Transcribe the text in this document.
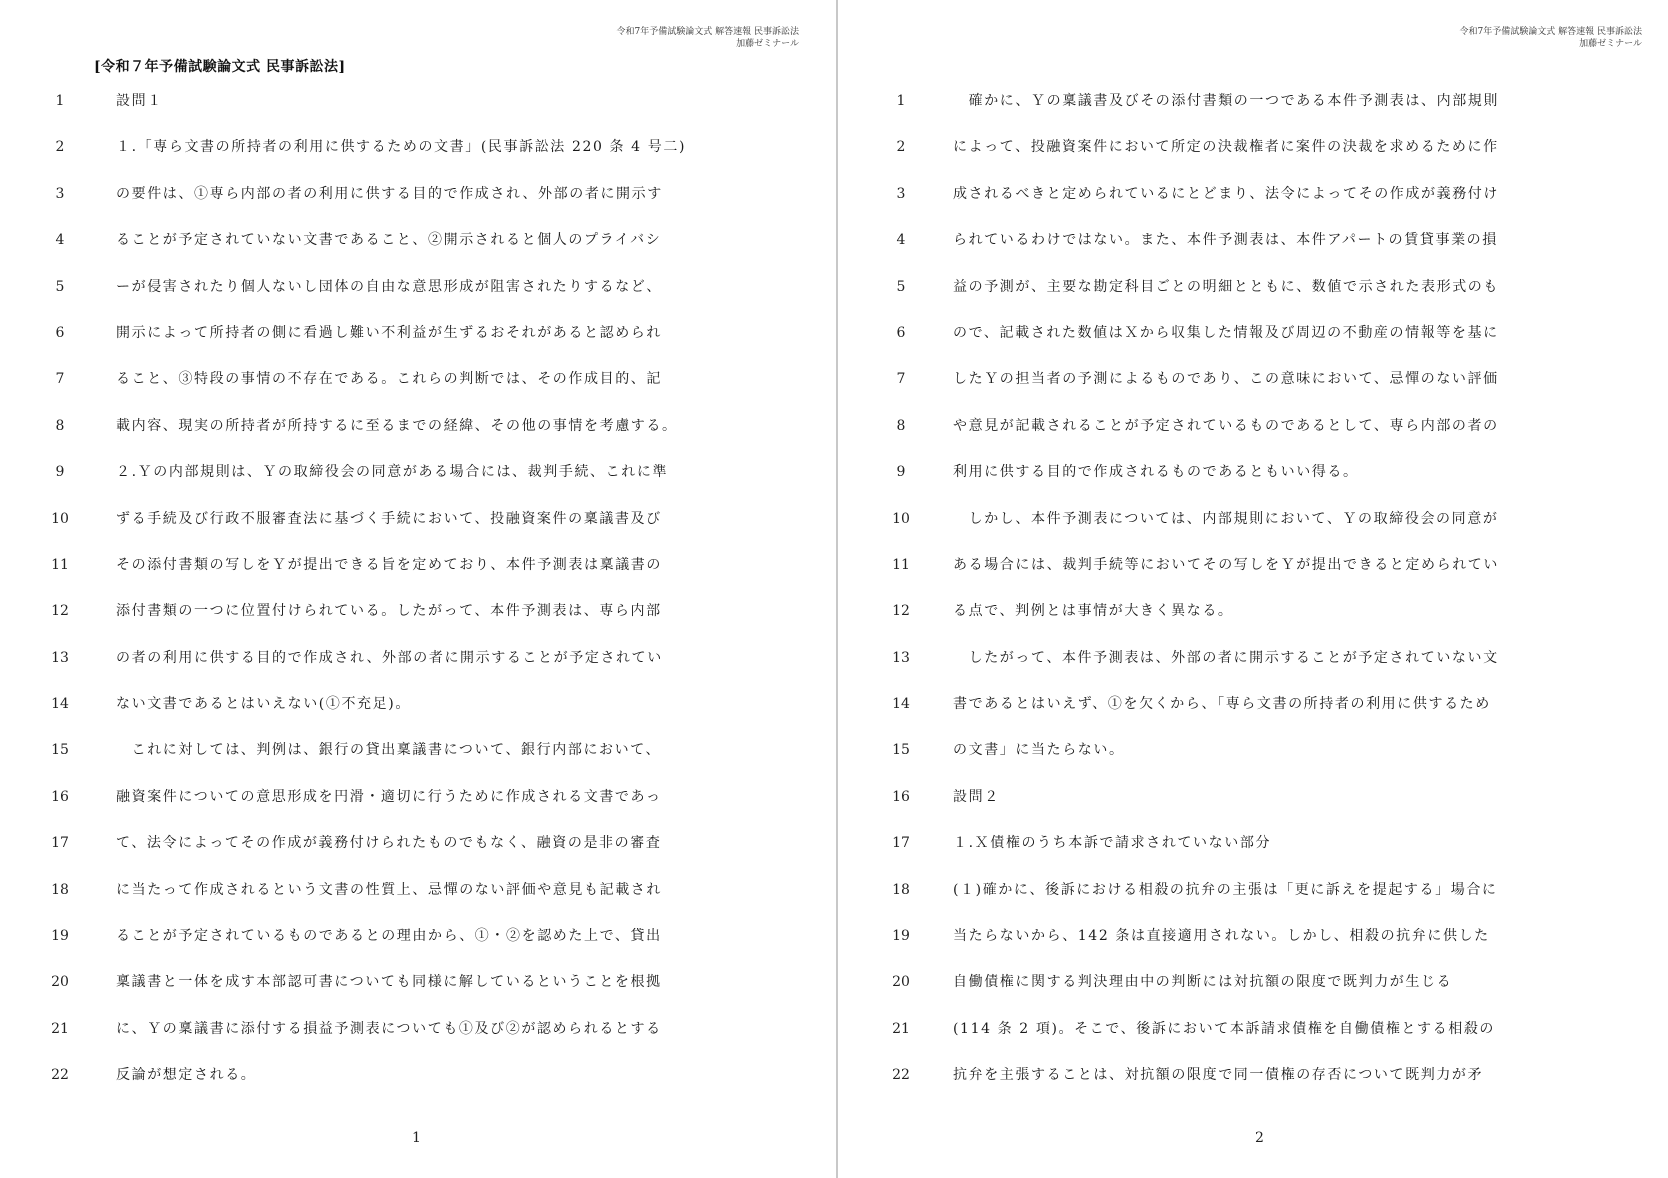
令和7年予備試験論文式 解答速報 民事訴訟法
加藤ゼミナール
[令和７年予備試験論文式 民事訴訟法]
1	設問１
2	１.「専ら文書の所持者の利用に供するための文書」(民事訴訟法 220 条 4 号二)
3	の要件は、①専ら内部の者の利用に供する目的で作成され、外部の者に開示す
4	ることが予定されていない文書であること、②開示されると個人のプライバシ
5	ーが侵害されたり個人ないし団体の自由な意思形成が阻害されたりするなど、
6	開示によって所持者の側に看過し難い不利益が生ずるおそれがあると認められ
7	ること、③特段の事情の不存在である。これらの判断では、その作成目的、記
8	載内容、現実の所持者が所持するに至るまでの経緯、その他の事情を考慮する。
9	２.Ｙの内部規則は、Ｙの取締役会の同意がある場合には、裁判手続、これに準
10	ずる手続及び行政不服審査法に基づく手続において、投融資案件の稟議書及び
11	その添付書類の写しをＹが提出できる旨を定めており、本件予測表は稟議書の
12	添付書類の一つに位置付けられている。したがって、本件予測表は、専ら内部
13	の者の利用に供する目的で作成され、外部の者に開示することが予定されてい
14	ない文書であるとはいえない(①不充足)。
15	　これに対しては、判例は、銀行の貸出稟議書について、銀行内部において、
16	融資案件についての意思形成を円滑・適切に行うために作成される文書であっ
17	て、法令によってその作成が義務付けられたものでもなく、融資の是非の審査
18	に当たって作成されるという文書の性質上、忌憚のない評価や意見も記載され
19	ることが予定されているものであるとの理由から、①・②を認めた上で、貸出
20	稟議書と一体を成す本部認可書についても同様に解しているということを根拠
21	に、Ｙの稟議書に添付する損益予測表についても①及び②が認められるとする
22	反論が想定される。
1
令和7年予備試験論文式 解答速報 民事訴訟法
加藤ゼミナール
1	　確かに、Ｙの稟議書及びその添付書類の一つである本件予測表は、内部規則
2	によって、投融資案件において所定の決裁権者に案件の決裁を求めるために作
3	成されるべきと定められているにとどまり、法令によってその作成が義務付け
4	られているわけではない。また、本件予測表は、本件アパートの賃貸事業の損
5	益の予測が、主要な勘定科目ごとの明細とともに、数値で示された表形式のも
6	ので、記載された数値はＸから収集した情報及び周辺の不動産の情報等を基に
7	したＹの担当者の予測によるものであり、この意味において、忌憚のない評価
8	や意見が記載されることが予定されているものであるとして、専ら内部の者の
9	利用に供する目的で作成されるものであるともいい得る。
10	　しかし、本件予測表については、内部規則において、Ｙの取締役会の同意が
11	ある場合には、裁判手続等においてその写しをＹが提出できると定められてい
12	る点で、判例とは事情が大きく異なる。
13	　したがって、本件予測表は、外部の者に開示することが予定されていない文
14	書であるとはいえず、①を欠くから、「専ら文書の所持者の利用に供するため
15	の文書」に当たらない。
16	設問２
17	１.Ｘ債権のうち本訴で請求されていない部分
18	(１)確かに、後訴における相殺の抗弁の主張は「更に訴えを提起する」場合に
19	当たらないから、142 条は直接適用されない。しかし、相殺の抗弁に供した
20	自働債権に関する判決理由中の判断には対抗額の限度で既判力が生じる
21	(114 条 2 項)。そこで、後訴において本訴請求債権を自働債権とする相殺の
22	抗弁を主張することは、対抗額の限度で同一債権の存否について既判力が矛
2
